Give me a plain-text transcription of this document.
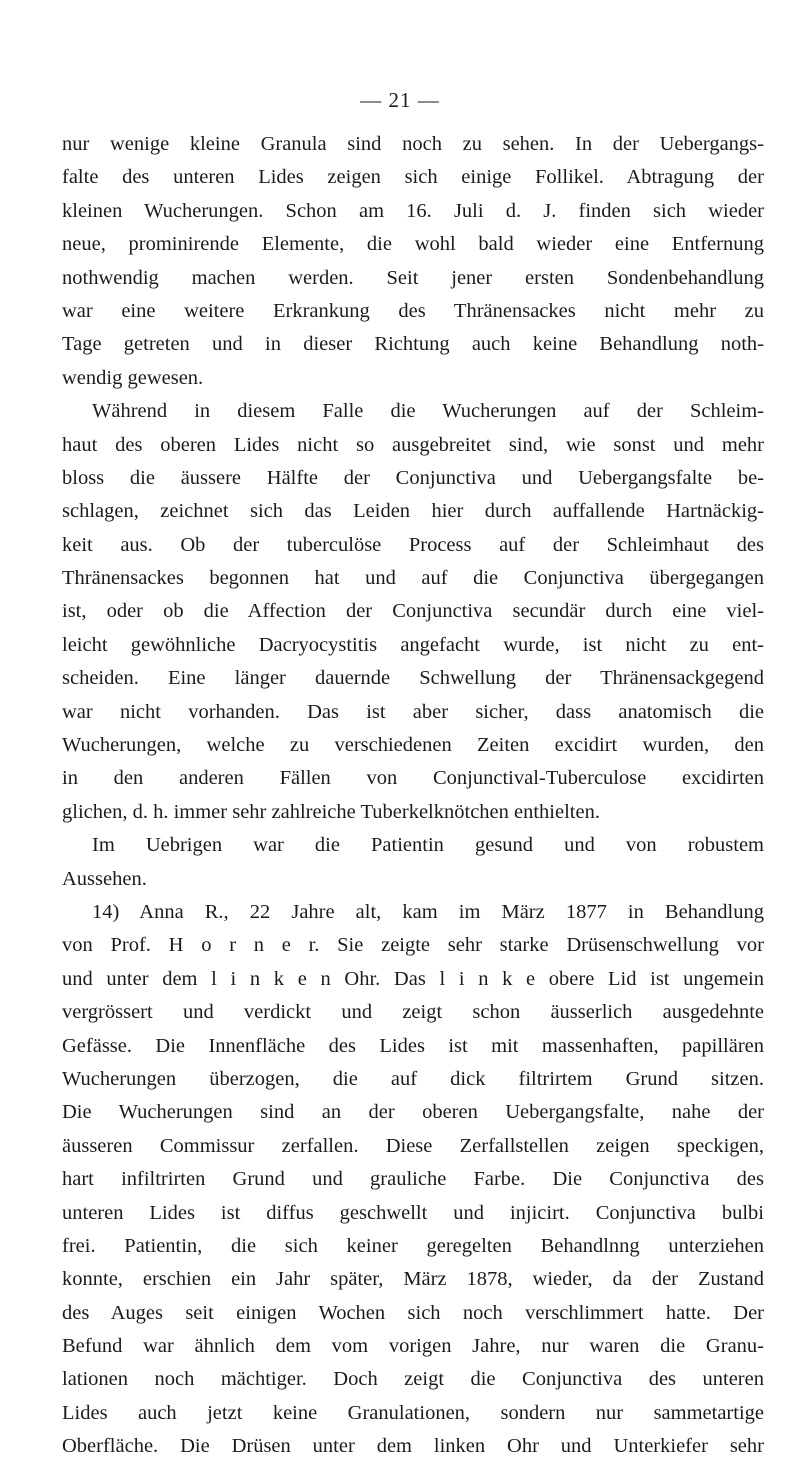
— 21 —
nur wenige kleine Granula sind noch zu sehen. In der Uebergangs-
falte des unteren Lides zeigen sich einige Follikel. Abtragung der
kleinen Wucherungen. Schon am 16. Juli d. J. finden sich wieder
neue, prominirende Elemente, die wohl bald wieder eine Entfernung
nothwendig machen werden. Seit jener ersten Sondenbehandlung
war eine weitere Erkrankung des Thränensackes nicht mehr zu
Tage getreten und in dieser Richtung auch keine Behandlung noth-
wendig gewesen.
Während in diesem Falle die Wucherungen auf der Schleim-
haut des oberen Lides nicht so ausgebreitet sind, wie sonst und mehr
bloss die äussere Hälfte der Conjunctiva und Uebergangsfalte be-
schlagen, zeichnet sich das Leiden hier durch auffallende Hartnäckig-
keit aus. Ob der tuberculöse Process auf der Schleimhaut des
Thränensackes begonnen hat und auf die Conjunctiva übergegangen
ist, oder ob die Affection der Conjunctiva secundär durch eine viel-
leicht gewöhnliche Dacryocystitis angefacht wurde, ist nicht zu ent-
scheiden. Eine länger dauernde Schwellung der Thränensackgegend
war nicht vorhanden. Das ist aber sicher, dass anatomisch die
Wucherungen, welche zu verschiedenen Zeiten excidirt wurden, den
in den anderen Fällen von Conjunctival-Tuberculose excidirten
glichen, d. h. immer sehr zahlreiche Tuberkelknötchen enthielten.
Im Uebrigen war die Patientin gesund und von robustem
Aussehen.
14) Anna R., 22 Jahre alt, kam im März 1877 in Behandlung
von Prof. H o r n e r. Sie zeigte sehr starke Drüsenschwellung vor
und unter dem l i n k e n Ohr. Das l i n k e obere Lid ist ungemein
vergrössert und verdickt und zeigt schon äusserlich ausgedehnte
Gefässe. Die Innenfläche des Lides ist mit massenhaften, papillären
Wucherungen überzogen, die auf dick filtrirtem Grund sitzen.
Die Wucherungen sind an der oberen Uebergangsfalte, nahe der
äusseren Commissur zerfallen. Diese Zerfallstellen zeigen speckigen,
hart infiltrirten Grund und grauliche Farbe. Die Conjunctiva des
unteren Lides ist diffus geschwellt und injicirt. Conjunctiva bulbi
frei. Patientin, die sich keiner geregelten Behandlnng unterziehen
konnte, erschien ein Jahr später, März 1878, wieder, da der Zustand
des Auges seit einigen Wochen sich noch verschlimmert hatte. Der
Befund war ähnlich dem vom vorigen Jahre, nur waren die Granu-
lationen noch mächtiger. Doch zeigt die Conjunctiva des unteren
Lides auch jetzt keine Granulationen, sondern nur sammetartige
Oberfläche. Die Drüsen unter dem linken Ohr und Unterkiefer sehr
